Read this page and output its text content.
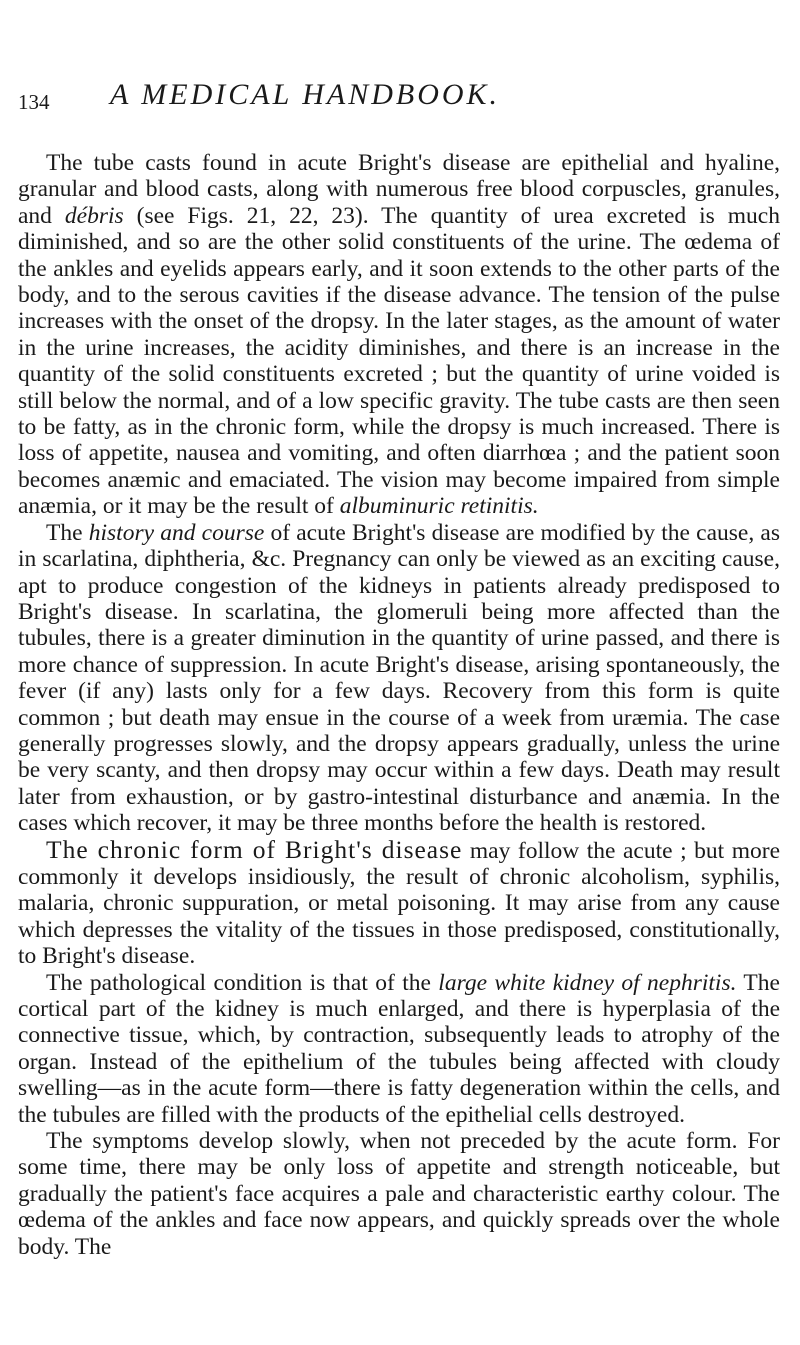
134 A MEDICAL HANDBOOK.

The tube casts found in acute Bright's disease are epithelial and hyaline, granular and blood casts, along with numerous free blood corpuscles, granules, and débris (see Figs. 21, 22, 23). The quantity of urea excreted is much diminished, and so are the other solid constituents of the urine. The œdema of the ankles and eyelids appears early, and it soon extends to the other parts of the body, and to the serous cavities if the disease advance. The tension of the pulse increases with the onset of the dropsy. In the later stages, as the amount of water in the urine increases, the acidity diminishes, and there is an increase in the quantity of the solid constituents excreted ; but the quantity of urine voided is still below the normal, and of a low specific gravity. The tube casts are then seen to be fatty, as in the chronic form, while the dropsy is much increased. There is loss of appetite, nausea and vomiting, and often diarrhœa ; and the patient soon becomes anæmic and emaciated. The vision may become impaired from simple anæmia, or it may be the result of albuminuric retinitis.

The history and course of acute Bright's disease are modified by the cause, as in scarlatina, diphtheria, &c. Pregnancy can only be viewed as an exciting cause, apt to produce congestion of the kidneys in patients already predisposed to Bright's disease. In scarlatina, the glomeruli being more affected than the tubules, there is a greater diminution in the quantity of urine passed, and there is more chance of suppression. In acute Bright's disease, arising spontaneously, the fever (if any) lasts only for a few days. Recovery from this form is quite common ; but death may ensue in the course of a week from uræmia. The case generally progresses slowly, and the dropsy appears gradually, unless the urine be very scanty, and then dropsy may occur within a few days. Death may result later from exhaustion, or by gastro-intestinal disturbance and anæmia. In the cases which recover, it may be three months before the health is restored.

The chronic form of Bright's disease may follow the acute ; but more commonly it develops insidiously, the result of chronic alcoholism, syphilis, malaria, chronic suppuration, or metal poisoning. It may arise from any cause which depresses the vitality of the tissues in those predisposed, constitutionally, to Bright's disease.

The pathological condition is that of the large white kidney of nephritis. The cortical part of the kidney is much enlarged, and there is hyperplasia of the connective tissue, which, by contraction, subsequently leads to atrophy of the organ. Instead of the epithelium of the tubules being affected with cloudy swelling—as in the acute form—there is fatty degeneration within the cells, and the tubules are filled with the products of the epithelial cells destroyed.

The symptoms develop slowly, when not preceded by the acute form. For some time, there may be only loss of appetite and strength noticeable, but gradually the patient's face acquires a pale and characteristic earthy colour. The œdema of the ankles and face now appears, and quickly spreads over the whole body. The
